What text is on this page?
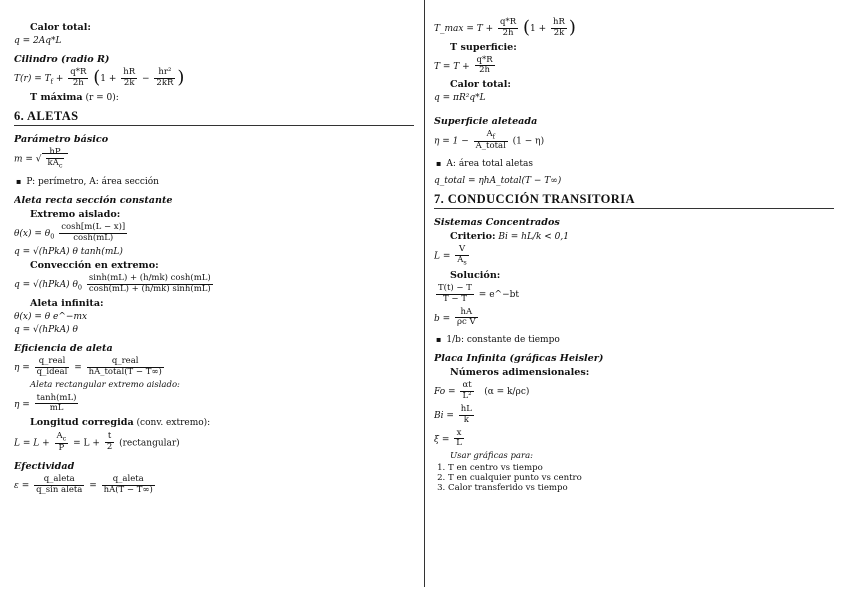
Calor total:
q = 2Aq*L
Cilindro (radio R)
$T(r) = T_f + \frac{q*R}{2h} (1 + \frac{hR}{2k} - \frac{\text{hr²}}{2kR}$ )
T máxima (r = 0):
6. ALETAS
Parámetro básico
m = √ $\frac{hP}{kA_c}$
▪ P: perímetro, A: área sección
Aleta recta sección constante
Extremo aislado:
$\theta(x) = \theta_0 \frac{\cosh[m(L - x)]}{\cosh(mL)}$
q = √(hPkA) θ tanh(mL)
Convección en extremo:
q = √(hPkA) $\theta_0 \frac{\sinh(mL) + (h/mk) \cosh(mL)}{\cosh(mL) + (h/mk) \sinh(mL)}$
Aleta infinita:
θ(x) = θ e^−mx
q = √(hPkA) θ
Eficiencia de aleta
$\eta = \frac{\text{q\_real}}{\text{q\_ideal}} = \frac{\text{q\_real}}{\text{hA\_total(T − T∞)}}$
Aleta rectangular extremo aislado:
$\eta = \frac{\tanh(mL)}{mL}$
Longitud corregida (conv. extremo):
$L = L + \frac{A_c}{P} = L + \frac{t}{2}$ (rectangular)
Efectividad
$\varepsilon = \frac{\text{q\_aleta}}{\text{q\_sin aleta}} = \frac{\text{q\_aleta}}{hA(T - T\infty)}$
T_max = $T + \frac{q*R}{2h} (1 + \frac{hR}{2k}$ )
T superficie:
$T = T + \frac{q*R}{2h}$
Calor total:
q = πR²q*L
Superficie aleteada
$\eta = 1 - \frac{A_f}{\text{A\_total}} (1 - \eta)$
▪ A: área total aletas
q_total = ηhA_total(T − T∞)
7. CONDUCCIÓN TRANSITORIA
Sistemas Concentrados
Criterio: Bi = hL/k < 0,1
$L = \frac{V}{A_s}$
Solución:
$\frac{T(t) - T}{T - T}$ = e^−bt
$b = \frac{hA}{\text{ρc V}}$
▪ 1/b: constante de tiempo
Placa Infinita (gráficas Heisler)
Números adimensionales:
$Fo = \frac{\alpha t}{\text{L²}} (\alpha = k/\rho c)$
$Bi = \frac{hL}{k}$
$\xi = \frac{x}{L}$
Usar gráficas para:
1. T en centro vs tiempo
2. T en cualquier punto vs centro
3. Calor transferido vs tiempo
